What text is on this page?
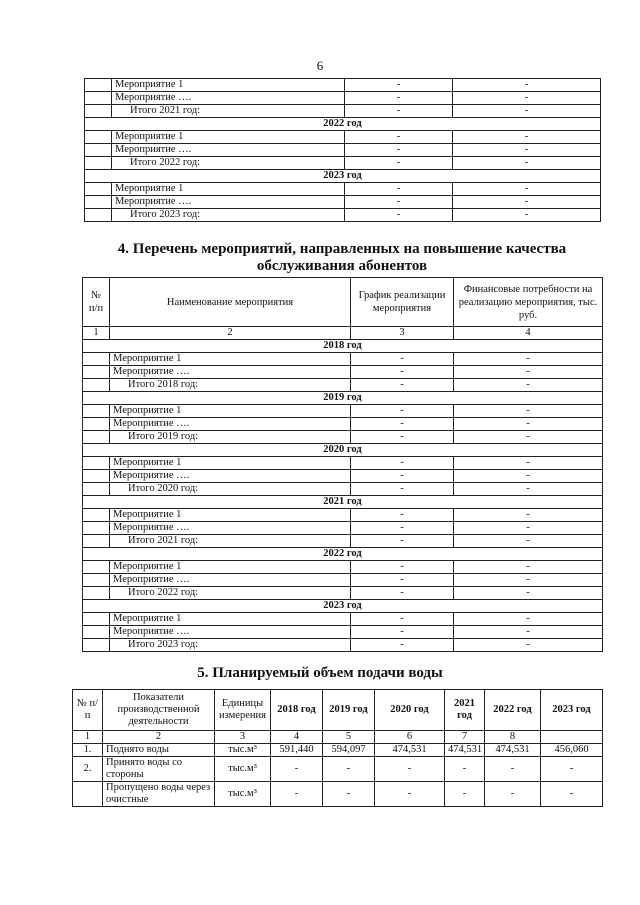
6
	Мероприятие 1	-	-
	Мероприятие ….	-	-
	Итого 2021 год:	-	-
2022 год			
	Мероприятие 1	-	-
	Мероприятие ….	-	-
	Итого 2022 год:	-	-
2023 год			
	Мероприятие 1	-	-
	Мероприятие ….	-	-
	Итого 2023 год:	-	-
4. Перечень мероприятий, направленных на повышение качества
обслуживания абонентов
№ п/п	Наименование мероприятия	График реализации мероприятия	Финансовые потребности на реализацию мероприятия, тыс. руб.
1	2	3	4
2018 год			
	Мероприятие 1	-	-
	Мероприятие ….	-	-
	Итого 2018 год:	-	-
2019 год			
	Мероприятие 1	-	-
	Мероприятие ….	-	-
	Итого 2019 год:	-	-
2020 год			
	Мероприятие 1	-	-
	Мероприятие ….	-	-
	Итого 2020 год:	-	-
2021 год			
	Мероприятие 1	-	-
	Мероприятие ….	-	-
	Итого 2021 год:	-	-
2022 год			
	Мероприятие 1	-	-
	Мероприятие ….	-	-
	Итого 2022 год:	-	-
2023 год			
	Мероприятие 1	-	-
	Мероприятие ….	-	-
	Итого 2023 год:	-	-
5. Планируемый объем подачи воды
№ п/п	Показатели производственной деятельности	Единицы измерения	2018 год	2019 год	2020 год	2021 год	2022 год	2023 год
1	2	3	4	5	6	7	8	
1.	Поднято воды	тыс.м³	591,440	594,097	474,531	474,531	474,531	456,060
2.	Принято воды со стороны	тыс.м³	-	-	-	-	-	-
	Пропущено воды через очистные	тыс.м³	-	-	-	-	-	-
